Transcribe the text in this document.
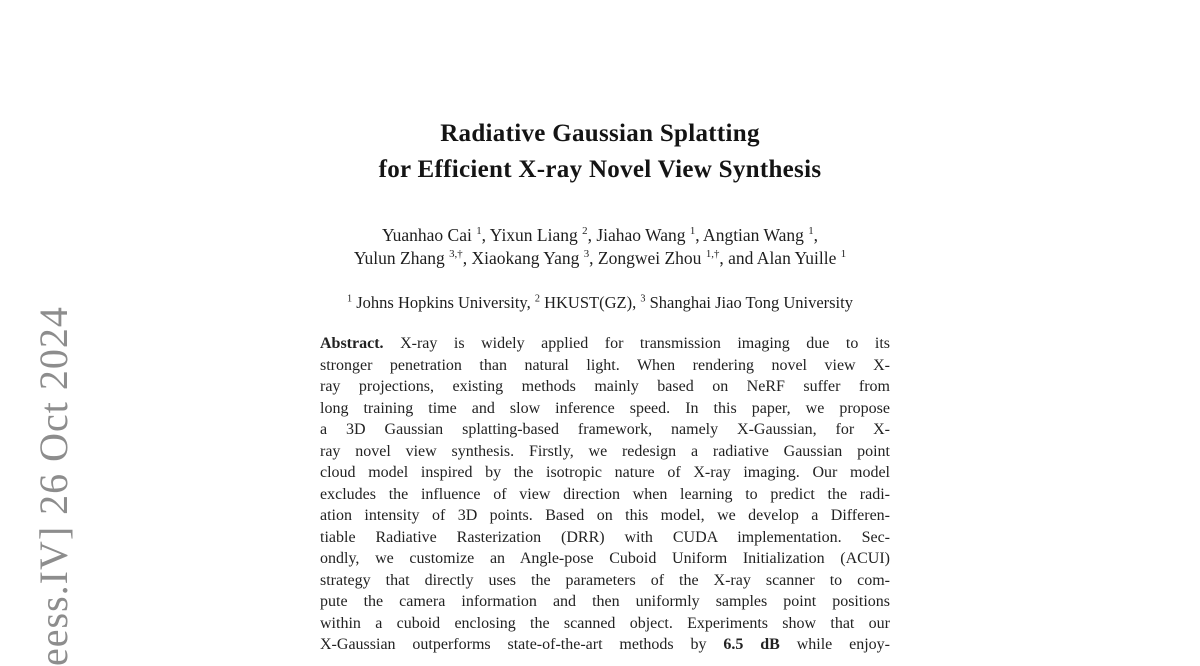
eess.IV] 26 Oct 2024
Radiative Gaussian Splatting
for Efficient X-ray Novel View Synthesis
Yuanhao Cai $^1$, Yixun Liang $^2$, Jiahao Wang $^1$, Angtian Wang $^1$,
Yulun Zhang $^{3,\dagger}$, Xiaokang Yang $^3$, Zongwei Zhou $^{1,\dagger}$, and Alan Yuille $^1$
$^1$ Johns Hopkins University, $^2$ HKUST(GZ), $^3$ Shanghai Jiao Tong University
Abstract. X-ray is widely applied for transmission imaging due to its
stronger penetration than natural light. When rendering novel view X-
ray projections, existing methods mainly based on NeRF suffer from
long training time and slow inference speed. In this paper, we propose
a 3D Gaussian splatting-based framework, namely X-Gaussian, for X-
ray novel view synthesis. Firstly, we redesign a radiative Gaussian point
cloud model inspired by the isotropic nature of X-ray imaging. Our model
excludes the influence of view direction when learning to predict the radi-
ation intensity of 3D points. Based on this model, we develop a Differen-
tiable Radiative Rasterization (DRR) with CUDA implementation. Sec-
ondly, we customize an Angle-pose Cuboid Uniform Initialization (ACUI)
strategy that directly uses the parameters of the X-ray scanner to com-
pute the camera information and then uniformly samples point positions
within a cuboid enclosing the scanned object. Experiments show that our
X-Gaussian outperforms state-of-the-art methods by 6.5 dB while enjoy-
